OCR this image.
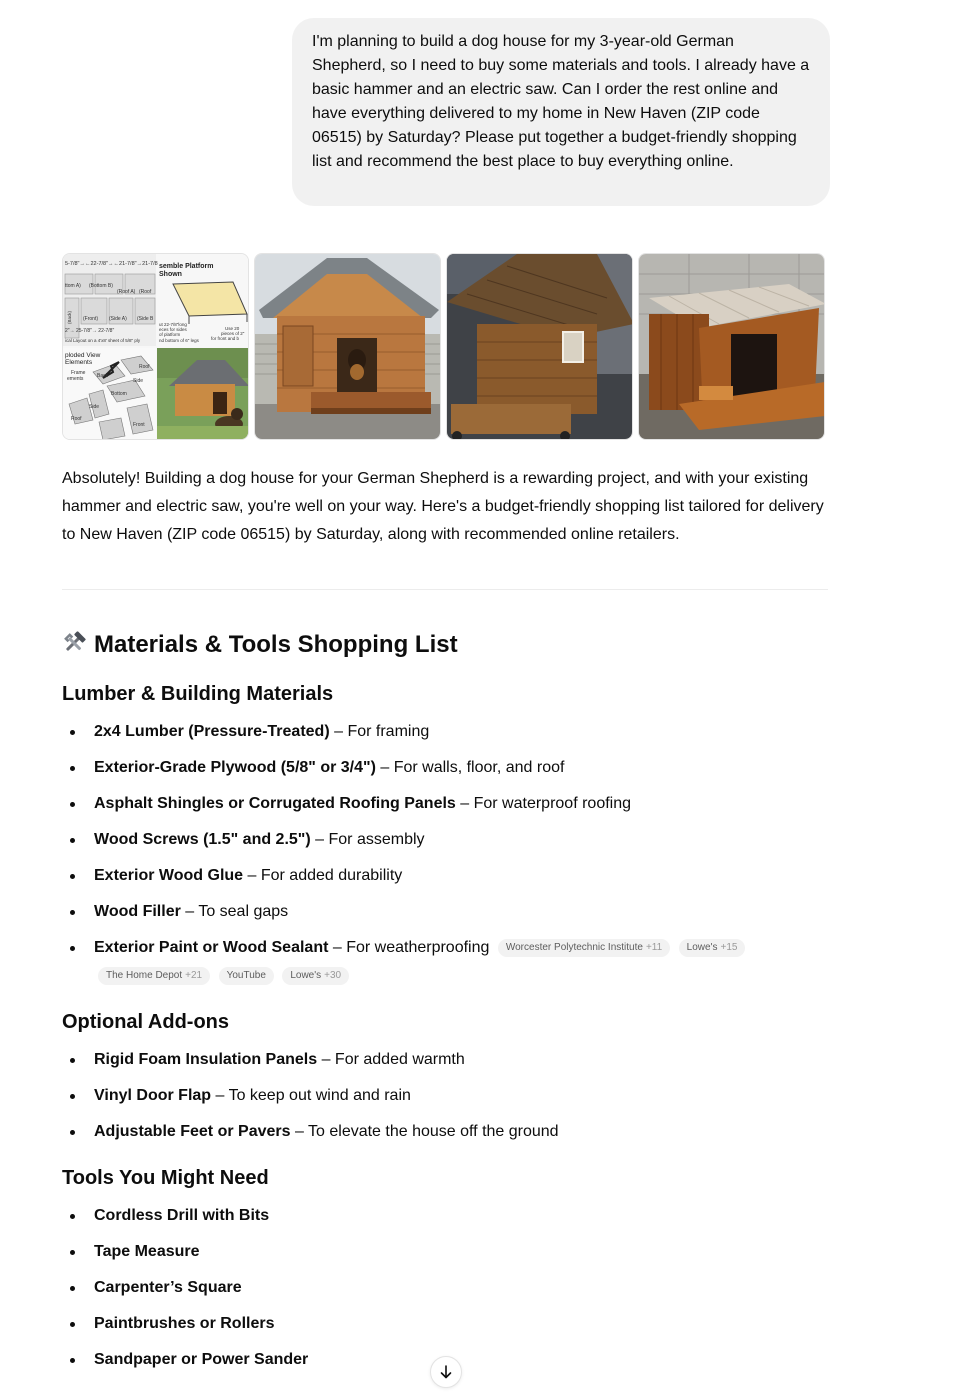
I'm planning to build a dog house for my 3-year-old German Shepherd, so I need to buy some materials and tools. I already have a basic hammer and an electric saw. Can I order the rest online and have everything delivered to my home in New Haven (ZIP code 06515) by Saturday? Please put together a budget-friendly shopping list and recommend the best place to buy everything online.
5-7/8"→←22-7/8"→←21-7/8"→21-7/8
ttom A) (Bottom B)
(Roof A) (Roof
(Front) (Side A) (Side B
(Back)
2"→ 25-7/8"→ 22-7/8"
ical Layout on a 4'x8' sheet of 5/8" ply
semble Platform
Shown
ut 22-7/8"long
eces for sides
of platform
nd bottom of 6" legs
Use 20
pieces of 2"
for front and b
ploded View
Elements
Frame
ements	Back
Roof
Side
Bottom
Side
Roof
Front

Absolutely! Building a dog house for your German Shepherd is a rewarding project, and with your existing hammer and electric saw, you're well on your way. Here's a budget-friendly shopping list tailored for delivery to New Haven (ZIP code 06515) by Saturday, along with recommended online retailers.

Materials & Tools Shopping List
Lumber & Building Materials
2x4 Lumber (Pressure-Treated) – For framing
Exterior-Grade Plywood (5/8" or 3/4") – For walls, floor, and roof
Asphalt Shingles or Corrugated Roofing Panels – For waterproof roofing
Wood Screws (1.5" and 2.5") – For assembly
Exterior Wood Glue – For added durability
Wood Filler – To seal gaps
Exterior Paint or Wood Sealant – For weatherproofing Worcester Polytechnic Institute +11 Lowe's +15
The Home Depot +21 YouTube Lowe's +30
Optional Add-ons
Rigid Foam Insulation Panels – For added warmth
Vinyl Door Flap – To keep out wind and rain
Adjustable Feet or Pavers – To elevate the house off the ground
Tools You Might Need
Cordless Drill with Bits
Tape Measure
Carpenter’s Square
Paintbrushes or Rollers
Sandpaper or Power Sander
